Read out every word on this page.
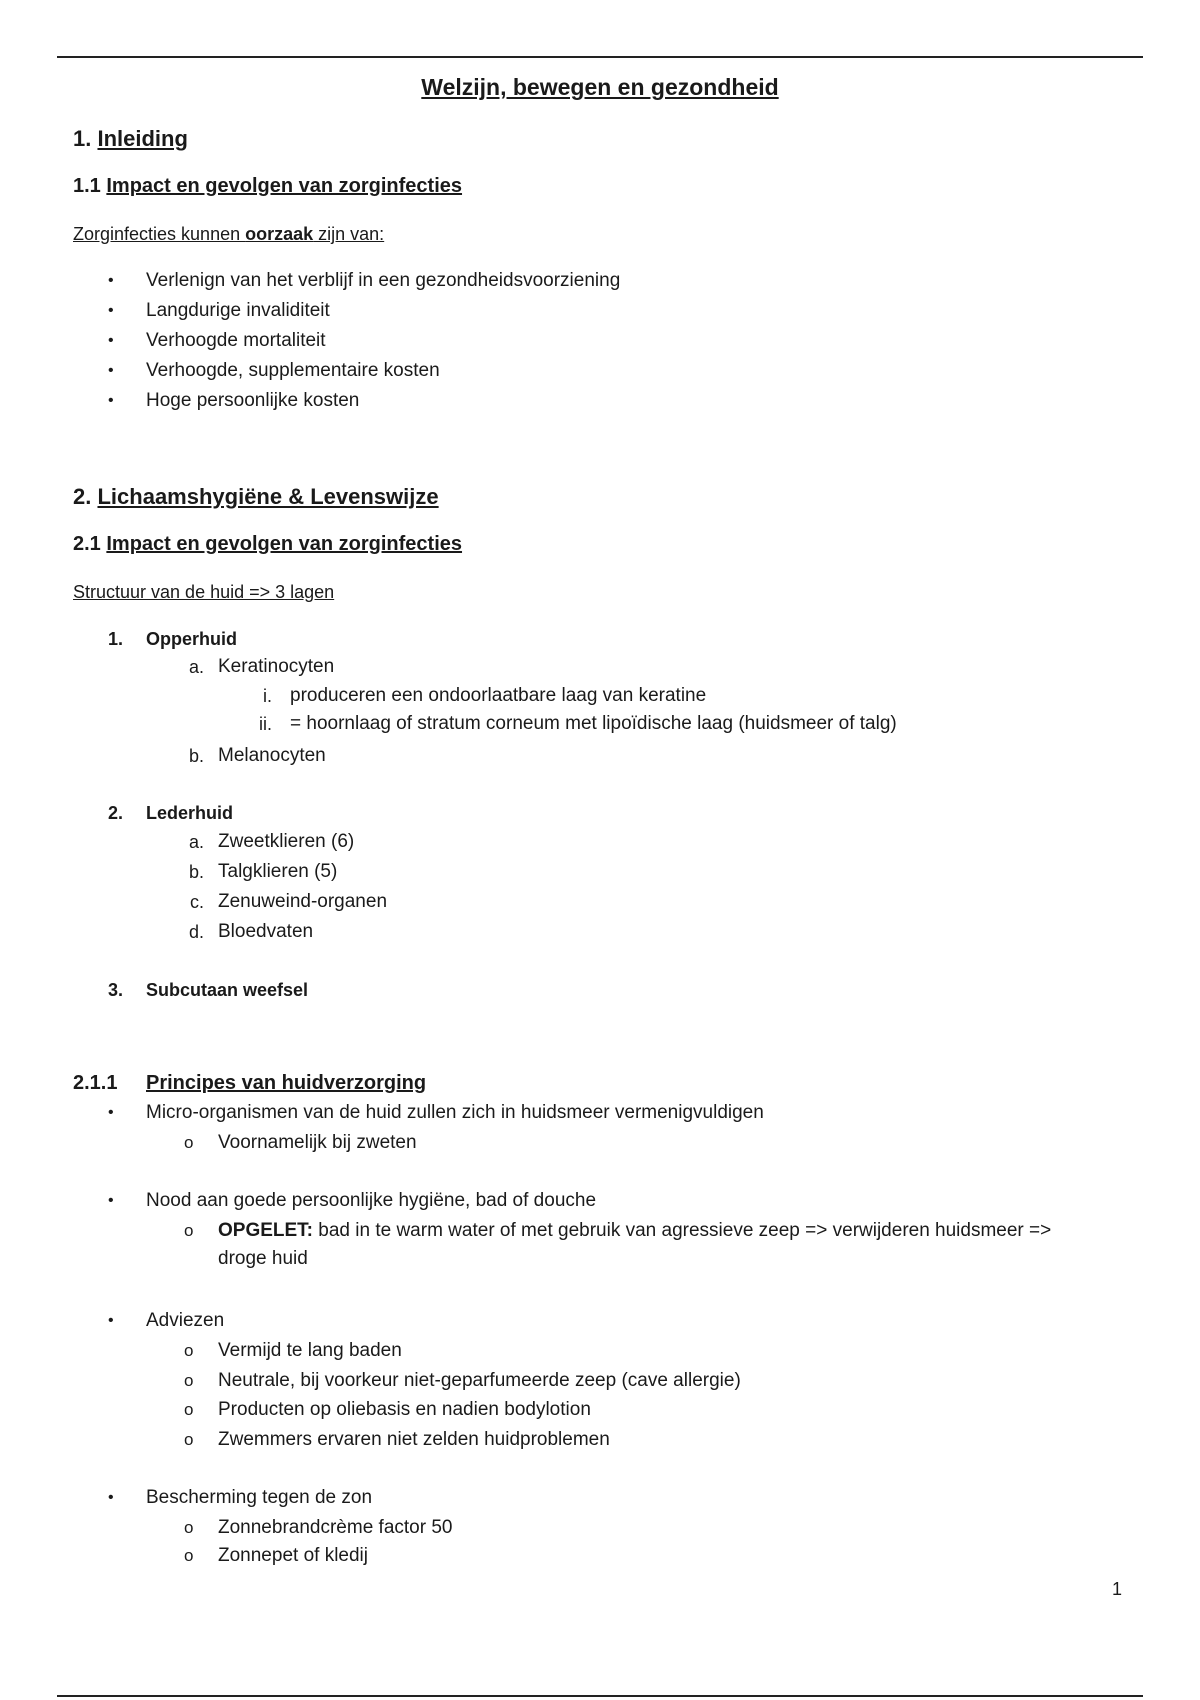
Welzijn, bewegen en gezondheid
1. Inleiding
1.1 Impact en gevolgen van zorginfecties
Zorginfecties kunnen oorzaak zijn van:
• Verlenign van het verblijf in een gezondheidsvoorziening
• Langdurige invaliditeit
• Verhoogde mortaliteit
• Verhoogde, supplementaire kosten
• Hoge persoonlijke kosten
2. Lichaamshygiëne & Levenswijze
2.1 Impact en gevolgen van zorginfecties
Structuur van de huid => 3 lagen
1. Opperhuid
a. Keratinocyten
i. produceren een ondoorlaatbare laag van keratine
ii. = hoornlaag of stratum corneum met lipoïdische laag (huidsmeer of talg)
b. Melanocyten
2. Lederhuid
a. Zweetklieren (6)
b. Talgklieren (5)
c. Zenuweind-organen
d. Bloedvaten
3. Subcutaan weefsel
2.1.1 Principes van huidverzorging
• Micro-organismen van de huid zullen zich in huidsmeer vermenigvuldigen
o Voornamelijk bij zweten
• Nood aan goede persoonlijke hygiëne, bad of douche
o OPGELET: bad in te warm water of met gebruik van agressieve zeep => verwijderen huidsmeer =>
droge huid
• Adviezen
o Vermijd te lang baden
o Neutrale, bij voorkeur niet-geparfumeerde zeep (cave allergie)
o Producten op oliebasis en nadien bodylotion
o Zwemmers ervaren niet zelden huidproblemen
• Bescherming tegen de zon
o Zonnebrandcrème factor 50
o Zonnepet of kledij
1
